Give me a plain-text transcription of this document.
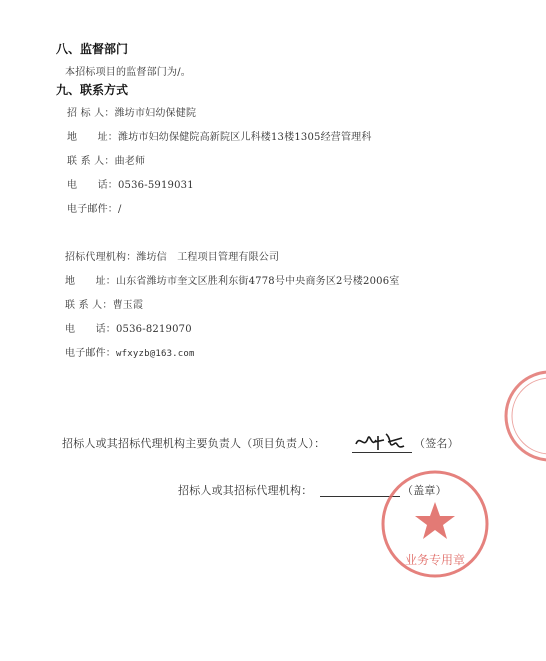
八、监督部门
本招标项目的监督部门为/。
九、联系方式
招 标 人：潍坊市妇幼保健院
地　　址：潍坊市妇幼保健院高新院区儿科楼13楼1305经营管理科
联 系 人：曲老师
电　　话：0536-5919031
电子邮件：/
招标代理机构：潍坊信　工程项目管理有限公司
地　　址：山东省潍坊市奎文区胜利东街4778号中央商务区2号楼2006室
联 系 人：曹玉霞
电　　话：0536-8219070
电子邮件：wfxyzb@163.com
招标人或其招标代理机构主要负责人（项目负责人）：	（签名）
招标人或其招标代理机构：	（盖章）
业务专用章
